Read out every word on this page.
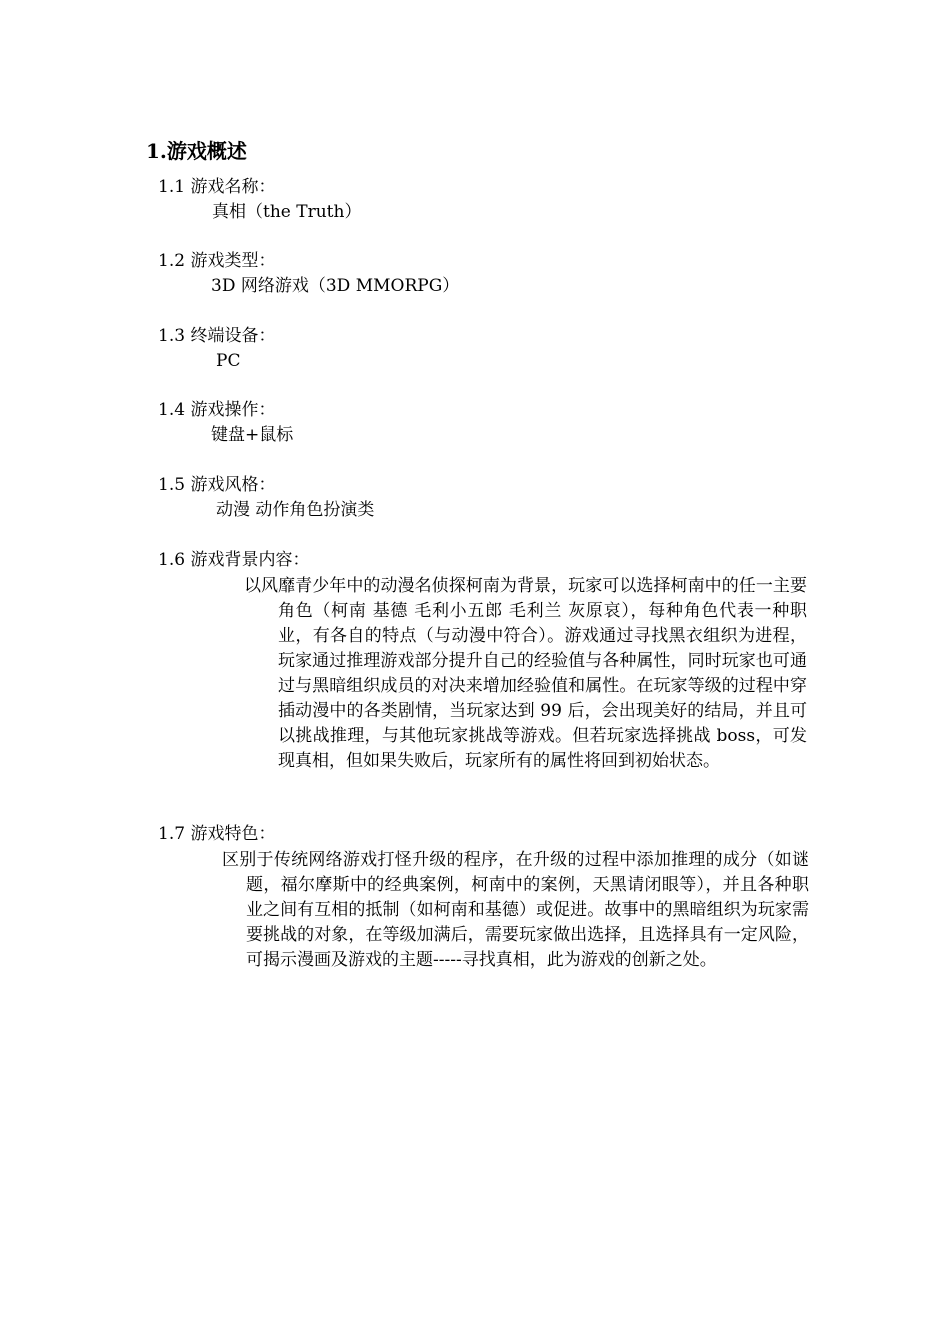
1.游戏概述
1.1 游戏名称：
真相（the Truth）
1.2 游戏类型：
3D 网络游戏（3D MMORPG）
1.3 终端设备：
PC
1.4 游戏操作：
键盘+鼠标
1.5 游戏风格：
动漫 动作角色扮演类
1.6 游戏背景内容：
以风靡青少年中的动漫名侦探柯南为背景，玩家可以选择柯南中的任一主要角色（柯南 基德 毛利小五郎 毛利兰 灰原哀），每种角色代表一种职业，有各自的特点（与动漫中符合）。游戏通过寻找黑衣组织为进程，玩家通过推理游戏部分提升自己的经验值与各种属性，同时玩家也可通过与黑暗组织成员的对决来增加经验值和属性。在玩家等级的过程中穿插动漫中的各类剧情，当玩家达到 99 后，会出现美好的结局，并且可以挑战推理，与其他玩家挑战等游戏。但若玩家选择挑战 boss，可发现真相，但如果失败后，玩家所有的属性将回到初始状态。
1.7 游戏特色：
区别于传统网络游戏打怪升级的程序，在升级的过程中添加推理的成分（如谜题，福尔摩斯中的经典案例，柯南中的案例，天黑请闭眼等），并且各种职业之间有互相的抵制（如柯南和基德）或促进。故事中的黑暗组织为玩家需要挑战的对象，在等级加满后，需要玩家做出选择，且选择具有一定风险，可揭示漫画及游戏的主题-----寻找真相，此为游戏的创新之处。
